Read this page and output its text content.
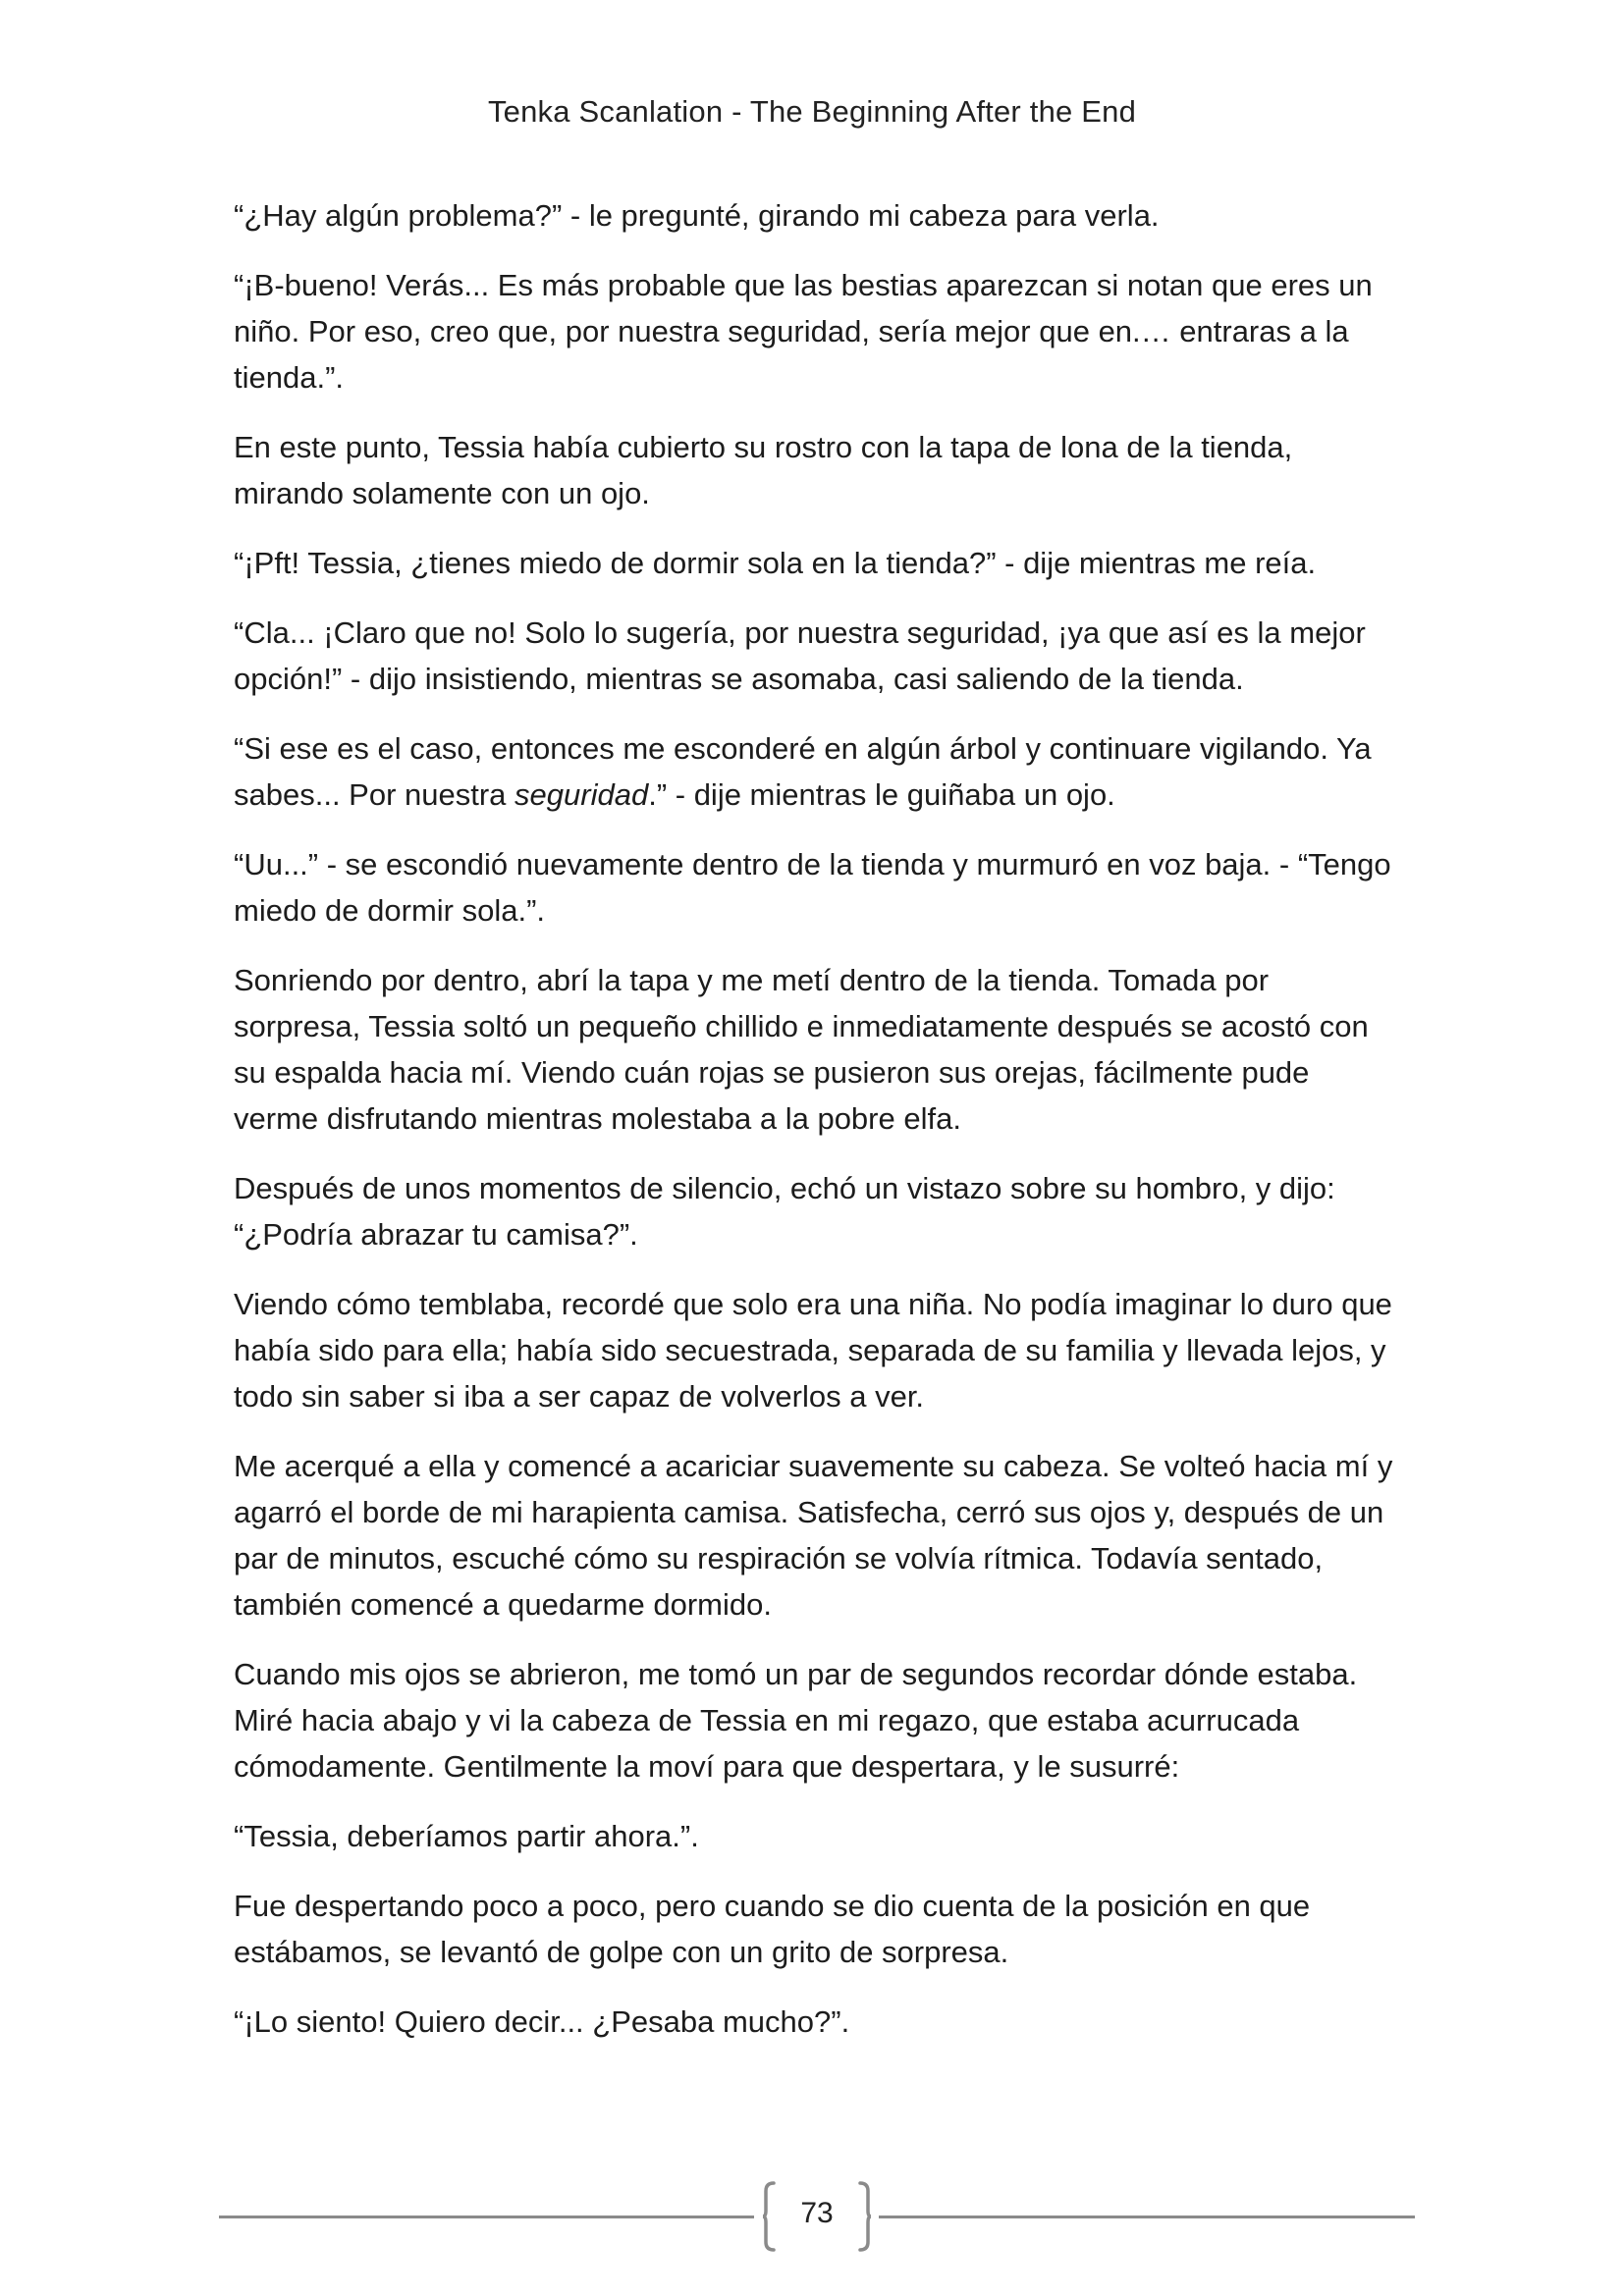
Tenka Scanlation - The Beginning After the End

“¿Hay algún problema?” - le pregunté, girando mi cabeza para verla.

“¡B-bueno! Verás... Es más probable que las bestias aparezcan si notan que eres un niño. Por eso, creo que, por nuestra seguridad, sería mejor que en.… entraras a la tienda.”.

En este punto, Tessia había cubierto su rostro con la tapa de lona de la tienda, mirando solamente con un ojo.

“¡Pft! Tessia, ¿tienes miedo de dormir sola en la tienda?” - dije mientras me reía.

“Cla... ¡Claro que no! Solo lo sugería, por nuestra seguridad, ¡ya que así es la mejor opción!” - dijo insistiendo, mientras se asomaba, casi saliendo de la tienda.

“Si ese es el caso, entonces me esconderé en algún árbol y continuare vigilando. Ya sabes... Por nuestra seguridad.” - dije mientras le guiñaba un ojo.

“Uu...” - se escondió nuevamente dentro de la tienda y murmuró en voz baja. - “Tengo miedo de dormir sola.”.

Sonriendo por dentro, abrí la tapa y me metí dentro de la tienda. Tomada por sorpresa, Tessia soltó un pequeño chillido e inmediatamente después se acostó con su espalda hacia mí. Viendo cuán rojas se pusieron sus orejas, fácilmente pude verme disfrutando mientras molestaba a la pobre elfa.

Después de unos momentos de silencio, echó un vistazo sobre su hombro, y dijo: “¿Podría abrazar tu camisa?”.

Viendo cómo temblaba, recordé que solo era una niña. No podía imaginar lo duro que había sido para ella; había sido secuestrada, separada de su familia y llevada lejos, y todo sin saber si iba a ser capaz de volverlos a ver.

Me acerqué a ella y comencé a acariciar suavemente su cabeza. Se volteó hacia mí y agarró el borde de mi harapienta camisa. Satisfecha, cerró sus ojos y, después de un par de minutos, escuché cómo su respiración se volvía rítmica. Todavía sentado, también comencé a quedarme dormido.

Cuando mis ojos se abrieron, me tomó un par de segundos recordar dónde estaba. Miré hacia abajo y vi la cabeza de Tessia en mi regazo, que estaba acurrucada cómodamente. Gentilmente la moví para que despertara, y le susurré:

“Tessia, deberíamos partir ahora.”.

Fue despertando poco a poco, pero cuando se dio cuenta de la posición en que estábamos, se levantó de golpe con un grito de sorpresa.

“¡Lo siento! Quiero decir... ¿Pesaba mucho?”.

73
